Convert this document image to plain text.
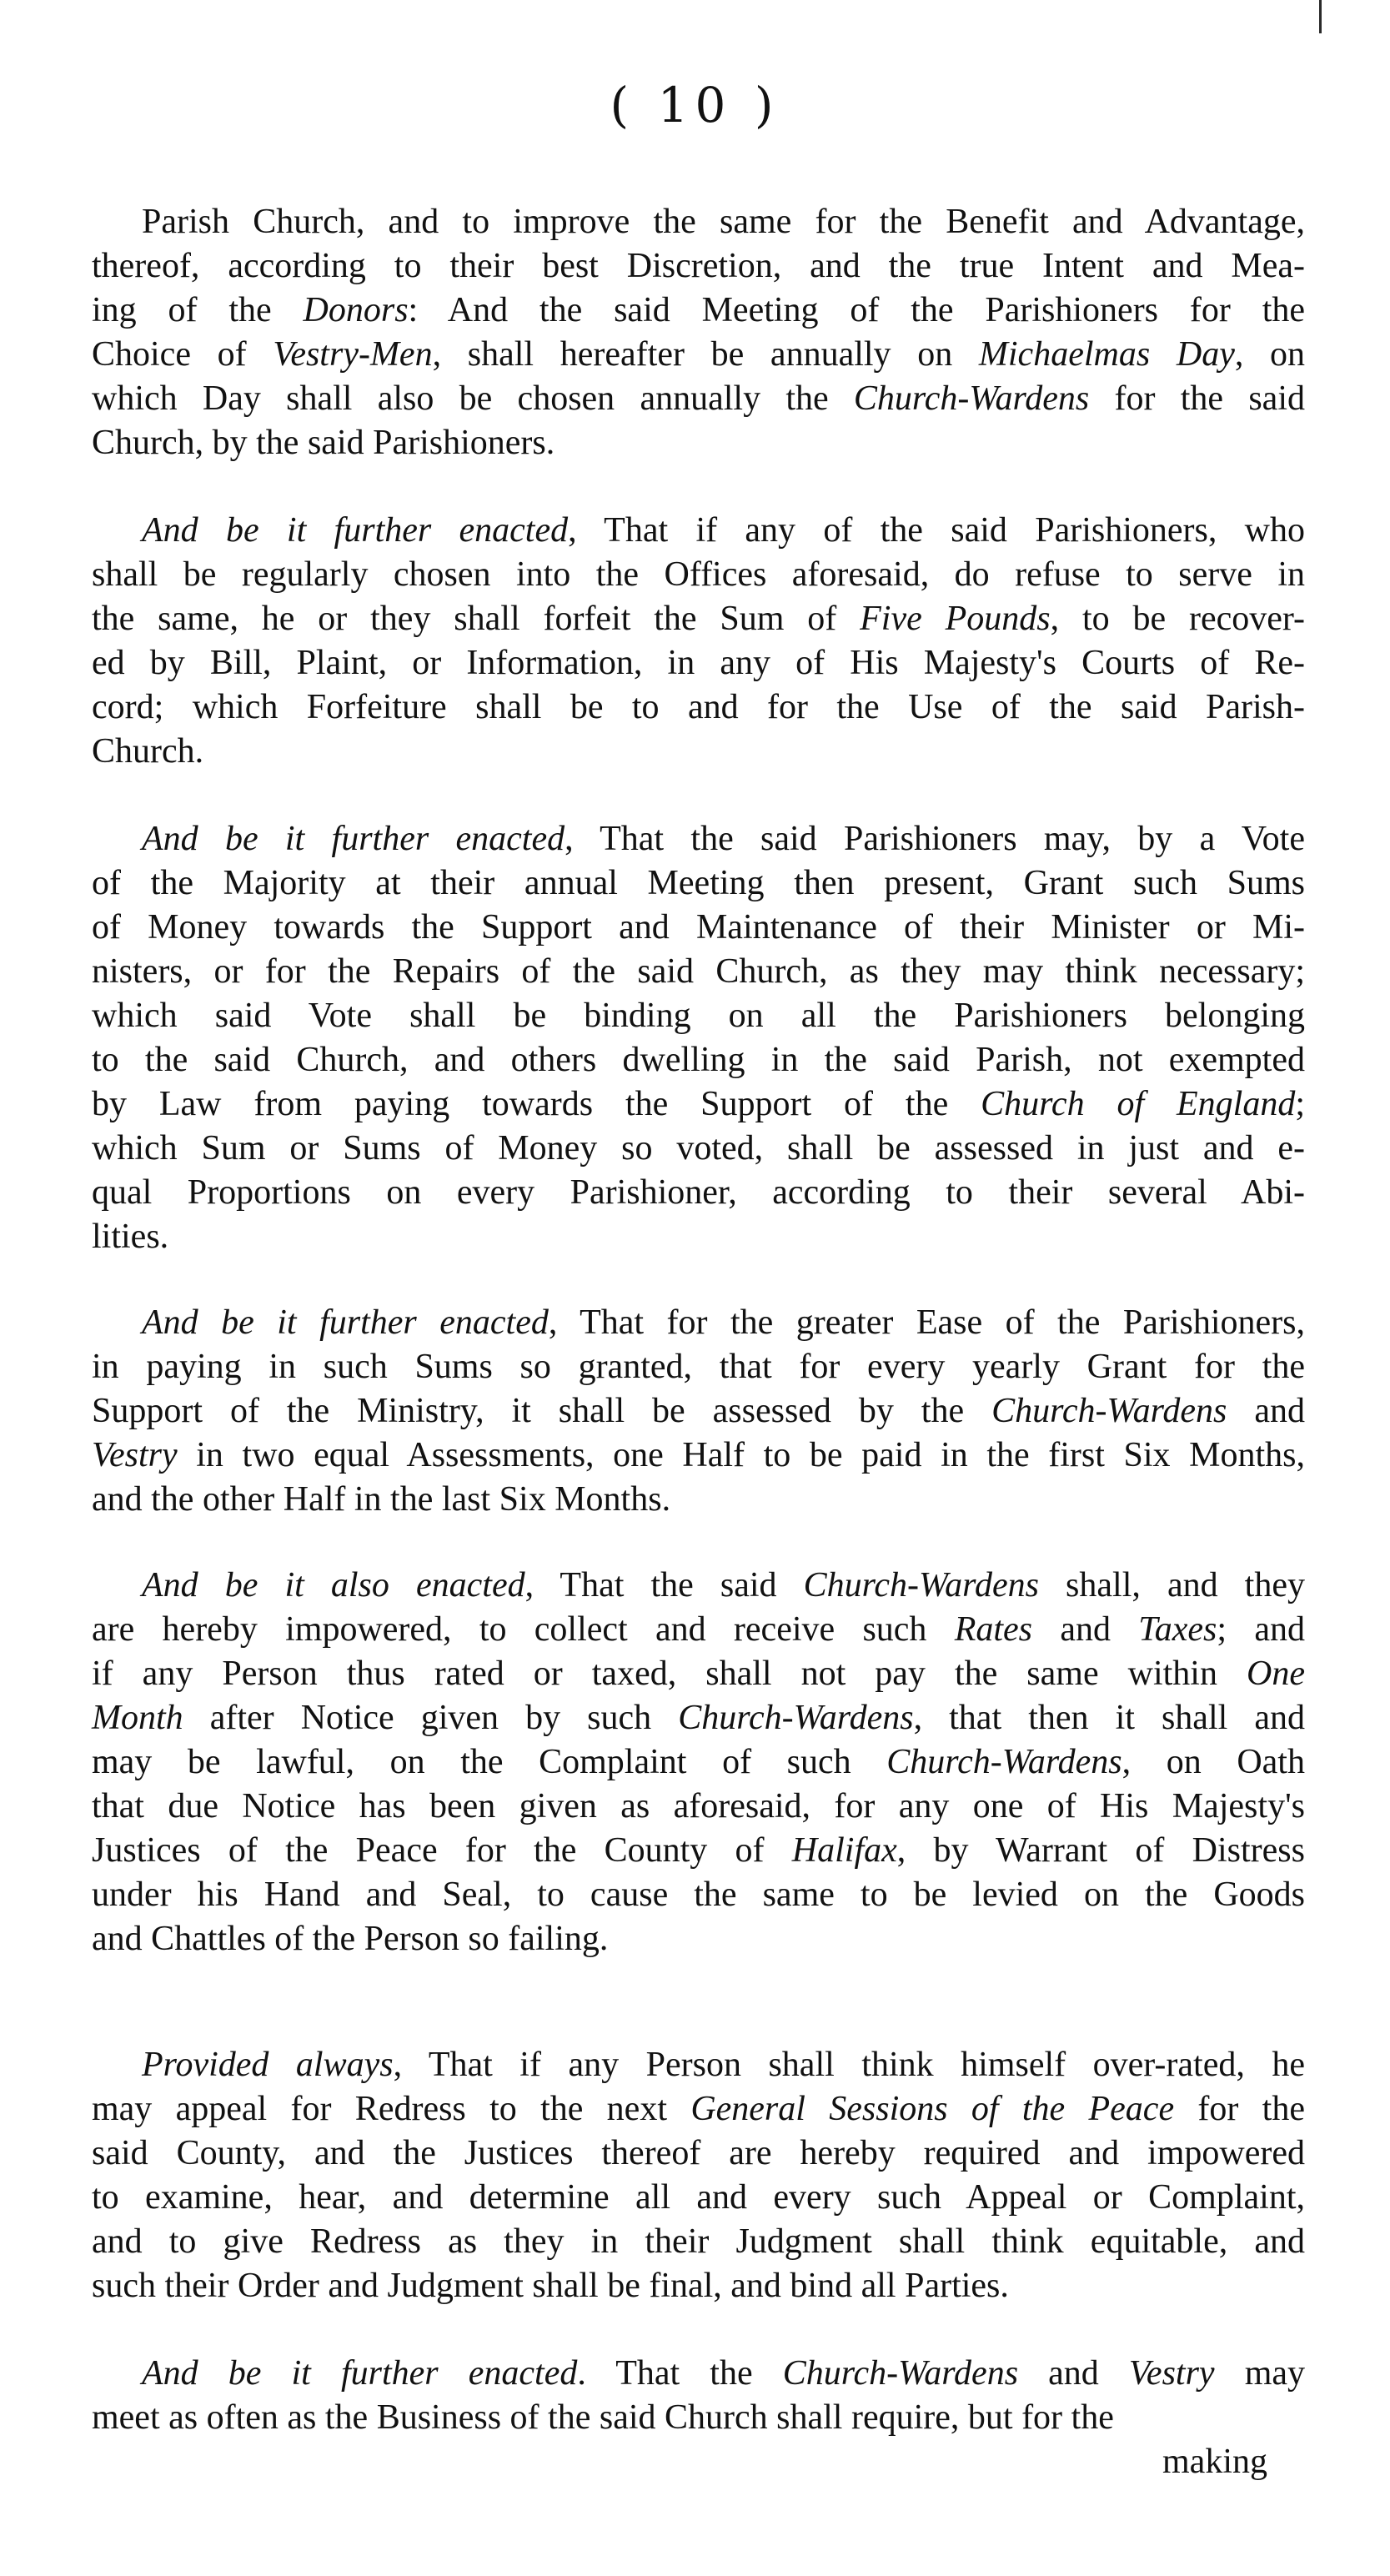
( 10 )
Parish Church, and to improve the same for the Benefit and Advantage,
thereof, according to their best Discretion, and the true Intent and Mea-
ing of the Donors: And the said Meeting of the Parishioners for the
Choice of Vestry-Men, shall hereafter be annually on Michaelmas Day, on
which Day shall also be chosen annually the Church-Wardens for the said
Church, by the said Parishioners.
And be it further enacted, That if any of the said Parishioners, who
shall be regularly chosen into the Offices aforesaid, do refuse to serve in
the same, he or they shall forfeit the Sum of Five Pounds, to be recover-
ed by Bill, Plaint, or Information, in any of His Majesty's Courts of Re-
cord; which Forfeiture shall be to and for the Use of the said Parish-
Church.
And be it further enacted, That the said Parishioners may, by a Vote
of the Majority at their annual Meeting then present, Grant such Sums
of Money towards the Support and Maintenance of their Minister or Mi-
nisters, or for the Repairs of the said Church, as they may think necessary;
which said Vote shall be binding on all the Parishioners belonging
to the said Church, and others dwelling in the said Parish, not exempted
by Law from paying towards the Support of the Church of England;
which Sum or Sums of Money so voted, shall be assessed in just and e-
qual Proportions on every Parishioner, according to their several Abi-
lities.
And be it further enacted, That for the greater Ease of the Parishioners,
in paying in such Sums so granted, that for every yearly Grant for the
Support of the Ministry, it shall be assessed by the Church-Wardens and
Vestry in two equal Assessments, one Half to be paid in the first Six Months,
and the other Half in the last Six Months.
And be it also enacted, That the said Church-Wardens shall, and they
are hereby impowered, to collect and receive such Rates and Taxes; and
if any Person thus rated or taxed, shall not pay the same within One
Month after Notice given by such Church-Wardens, that then it shall and
may be lawful, on the Complaint of such Church-Wardens, on Oath
that due Notice has been given as aforesaid, for any one of His Majesty's
Justices of the Peace for the County of Halifax, by Warrant of Distress
under his Hand and Seal, to cause the same to be levied on the Goods
and Chattles of the Person so failing.
Provided always, That if any Person shall think himself over-rated, he
may appeal for Redress to the next General Sessions of the Peace for the
said County, and the Justices thereof are hereby required and impowered
to examine, hear, and determine all and every such Appeal or Complaint,
and to give Redress as they in their Judgment shall think equitable, and
such their Order and Judgment shall be final, and bind all Parties.
And be it further enacted. That the Church-Wardens and Vestry may
meet as often as the Business of the said Church shall require, but for the
making
